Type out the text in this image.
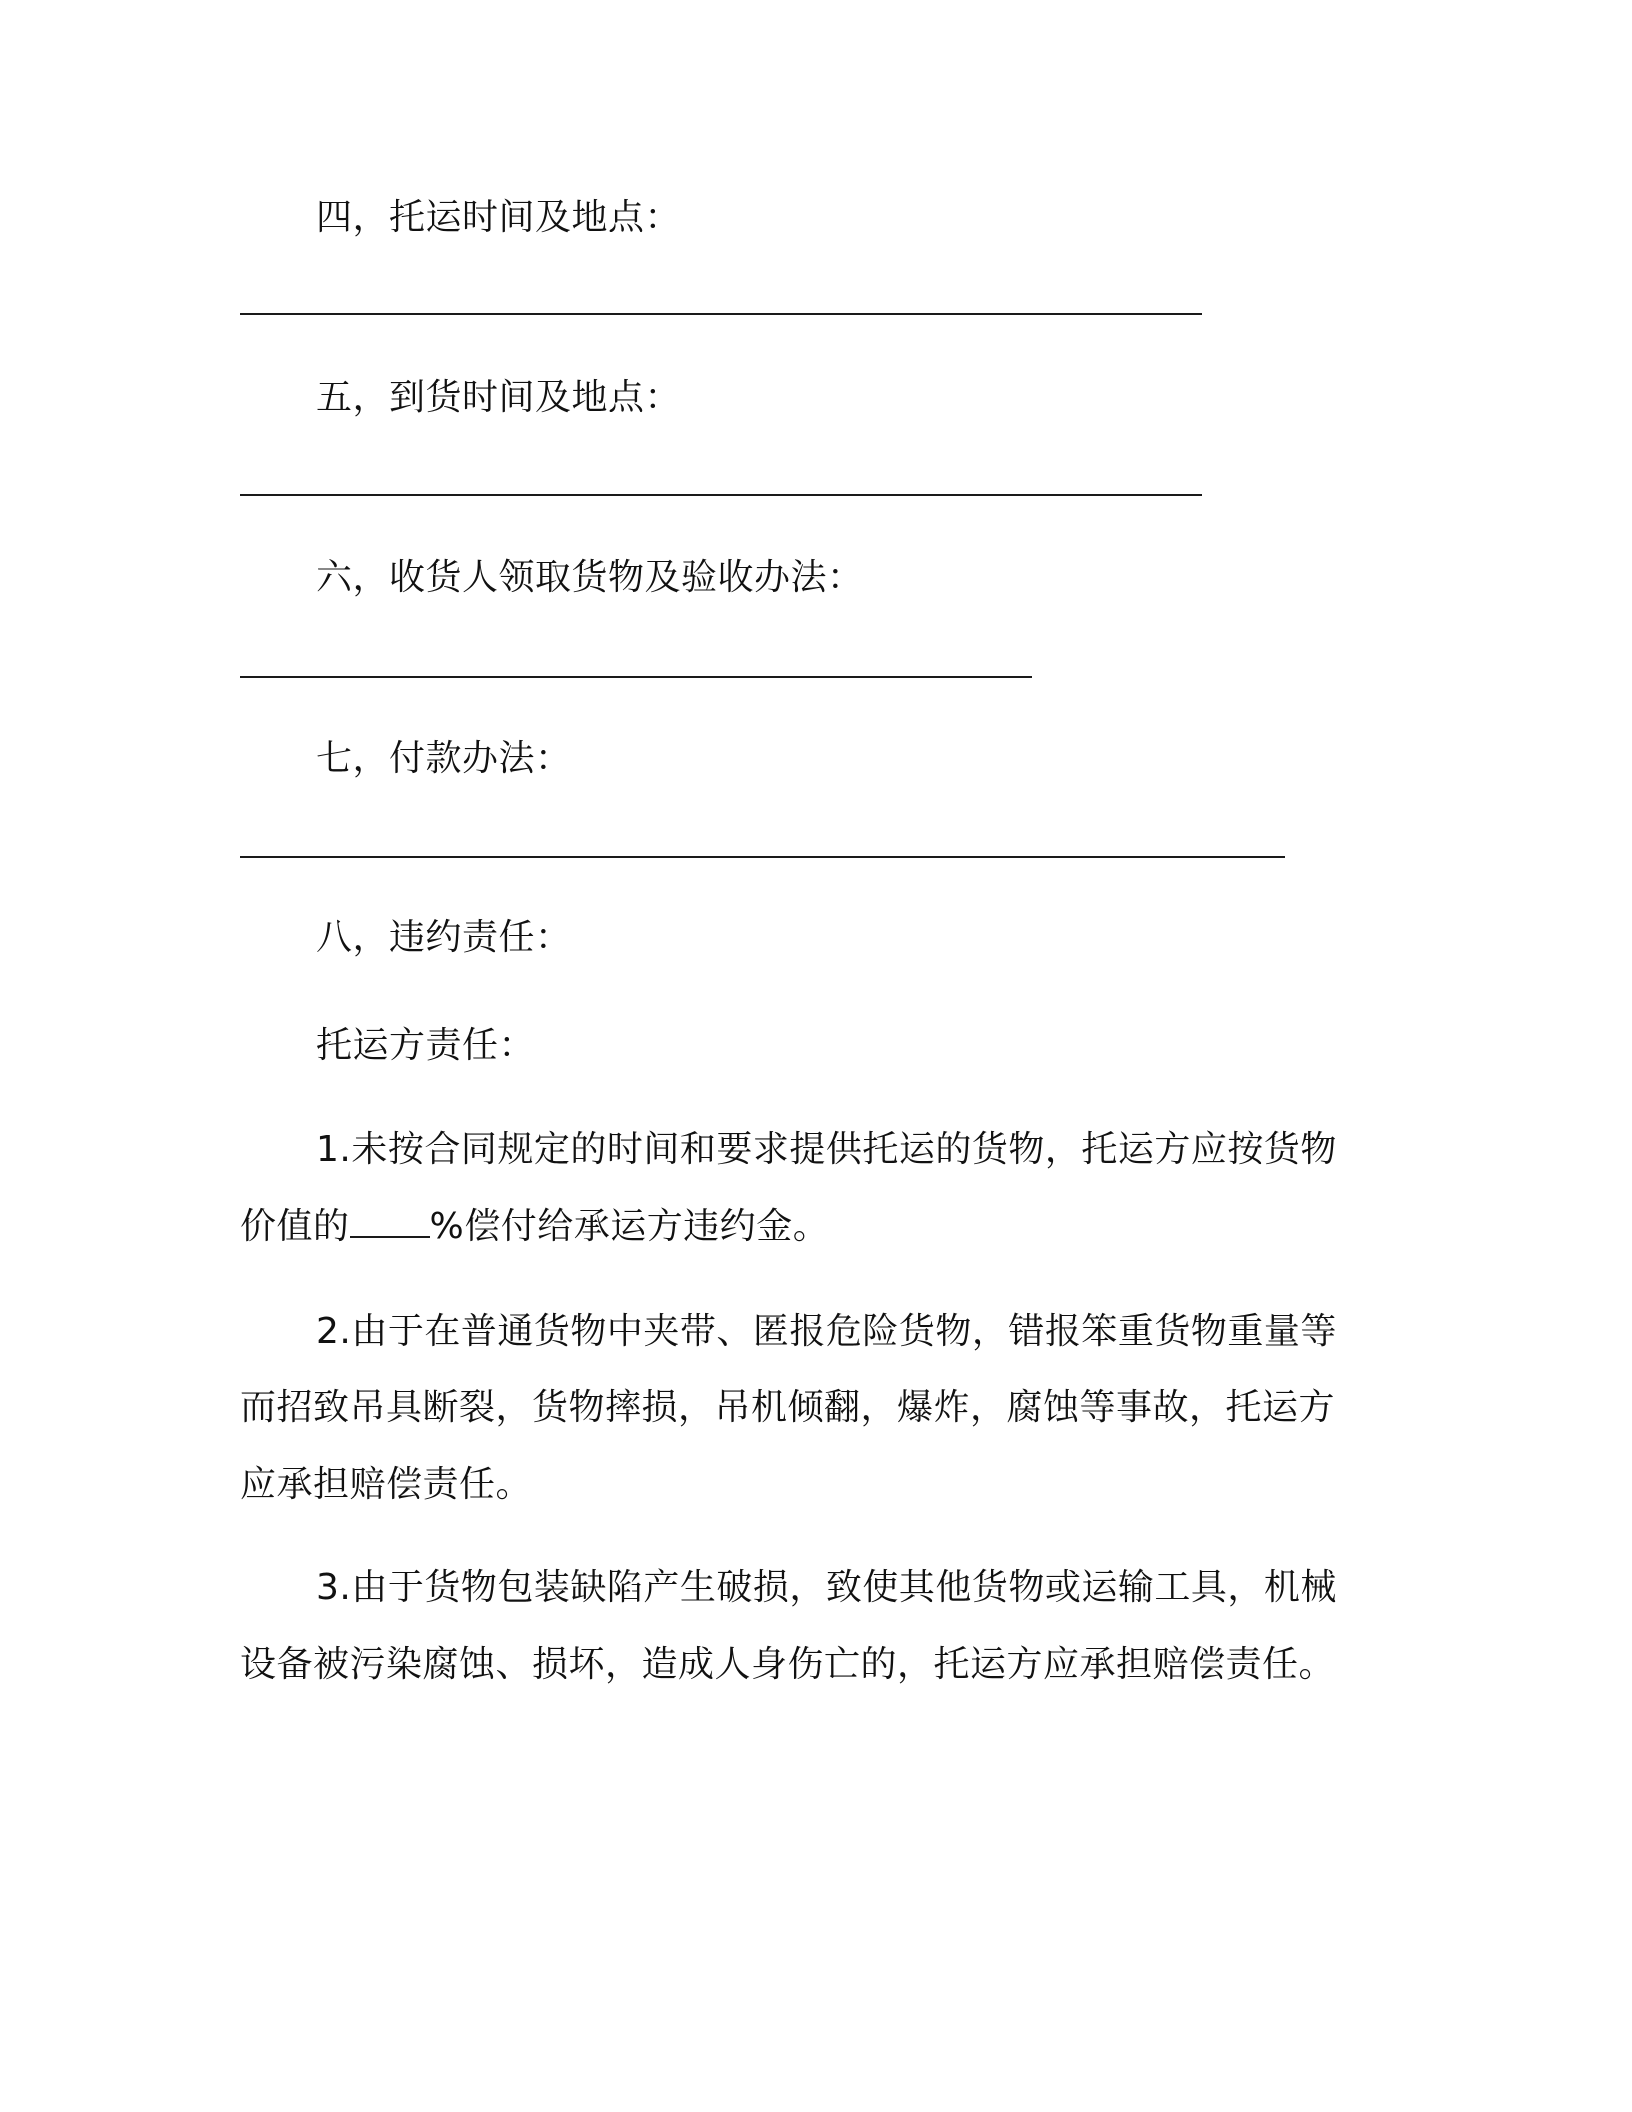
四，托运时间及地点：
五，到货时间及地点：
六，收货人领取货物及验收办法：
七，付款办法：
八，违约责任：
托运方责任：
1.未按合同规定的时间和要求提供托运的货物，托运方应按货物
价值的 %偿付给承运方违约金。
2.由于在普通货物中夹带、匿报危险货物，错报笨重货物重量等
而招致吊具断裂，货物摔损，吊机倾翻，爆炸，腐蚀等事故，托运方
应承担赔偿责任。
3.由于货物包装缺陷产生破损，致使其他货物或运输工具，机械
设备被污染腐蚀、损坏，造成人身伤亡的，托运方应承担赔偿责任。
